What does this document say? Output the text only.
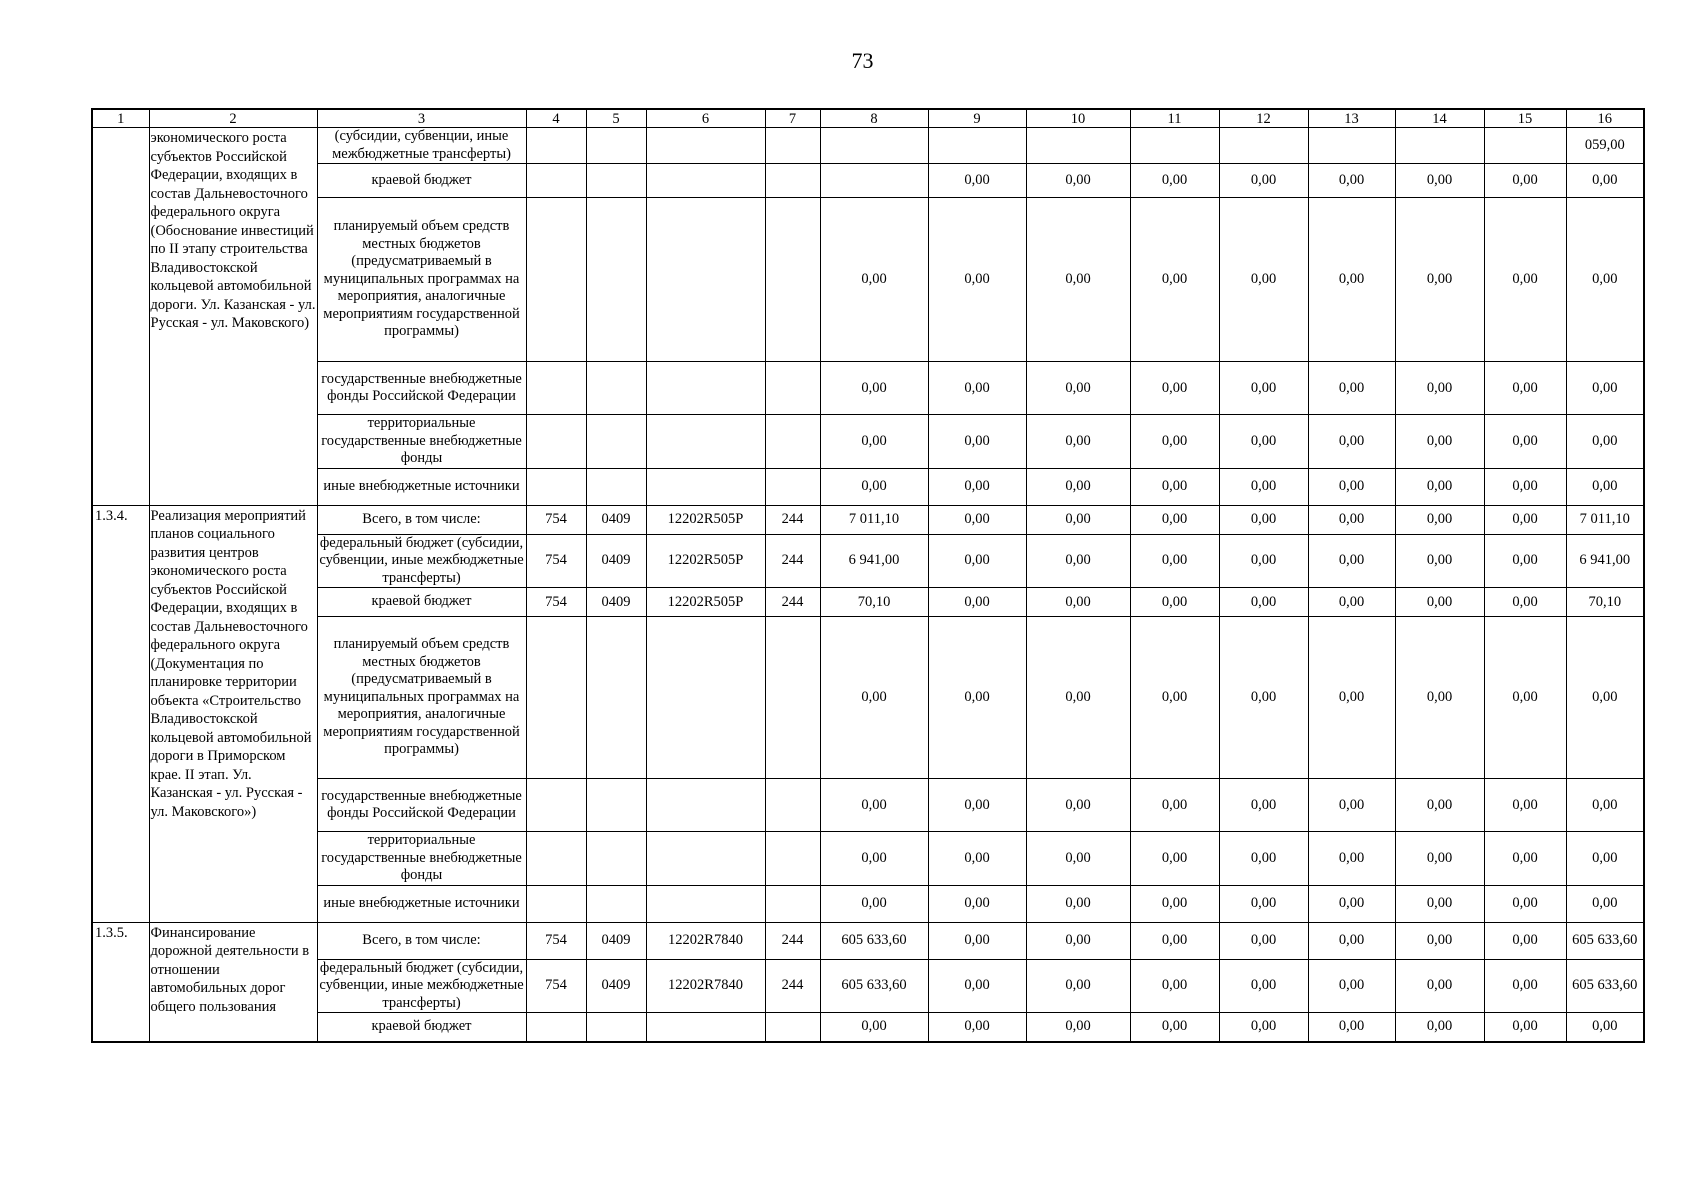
73
1	2	3	4	5	6	7	8	9	10	11	12	13	14	15	16
	экономического роста субъектов Российской Федерации, входящих в состав Дальневосточного федерального округа (Обоснование инвестиций по II этапу строительства Владивостокской кольцевой автомобильной дороги. Ул. Казанская - ул. Русская - ул. Маковского)	(субсидии, субвенции, иные межбюджетные трансферты)													059,00
		краевой бюджет						0,00	0,00	0,00	0,00	0,00	0,00	0,00	0,00
		планируемый объем средств местных бюджетов (предусматриваемый в муниципальных программах на мероприятия, аналогичные мероприятиям государственной программы)					0,00	0,00	0,00	0,00	0,00	0,00	0,00	0,00	0,00
		государственные внебюджетные фонды Российской Федерации					0,00	0,00	0,00	0,00	0,00	0,00	0,00	0,00	0,00
		территориальные государственные внебюджетные фонды					0,00	0,00	0,00	0,00	0,00	0,00	0,00	0,00	0,00
		иные внебюджетные источники					0,00	0,00	0,00	0,00	0,00	0,00	0,00	0,00	0,00
1.3.4.	Реализация мероприятий планов социального развития центров экономического роста субъектов Российской Федерации, входящих в состав Дальневосточного федерального округа (Документация по планировке территории объекта «Строительство Владивостокской кольцевой автомобильной дороги в Приморском крае. II этап. Ул. Казанская - ул. Русская - ул. Маковского»)	Всего, в том числе:	754	0409	12202R505P	244	7 011,10	0,00	0,00	0,00	0,00	0,00	0,00	0,00	7 011,10
		федеральный бюджет (субсидии, субвенции, иные межбюджетные трансферты)	754	0409	12202R505P	244	6 941,00	0,00	0,00	0,00	0,00	0,00	0,00	0,00	6 941,00
		краевой бюджет	754	0409	12202R505P	244	70,10	0,00	0,00	0,00	0,00	0,00	0,00	0,00	70,10
		планируемый объем средств местных бюджетов (предусматриваемый в муниципальных программах на мероприятия, аналогичные мероприятиям государственной программы)					0,00	0,00	0,00	0,00	0,00	0,00	0,00	0,00	0,00
		государственные внебюджетные фонды Российской Федерации					0,00	0,00	0,00	0,00	0,00	0,00	0,00	0,00	0,00
		территориальные государственные внебюджетные фонды					0,00	0,00	0,00	0,00	0,00	0,00	0,00	0,00	0,00
		иные внебюджетные источники					0,00	0,00	0,00	0,00	0,00	0,00	0,00	0,00	0,00
1.3.5.	Финансирование дорожной деятельности в отношении автомобильных дорог общего пользования	Всего, в том числе:	754	0409	12202R7840	244	605 633,60	0,00	0,00	0,00	0,00	0,00	0,00	0,00	605 633,60
		федеральный бюджет (субсидии, субвенции, иные межбюджетные трансферты)	754	0409	12202R7840	244	605 633,60	0,00	0,00	0,00	0,00	0,00	0,00	0,00	605 633,60
		краевой бюджет					0,00	0,00	0,00	0,00	0,00	0,00	0,00	0,00	0,00
